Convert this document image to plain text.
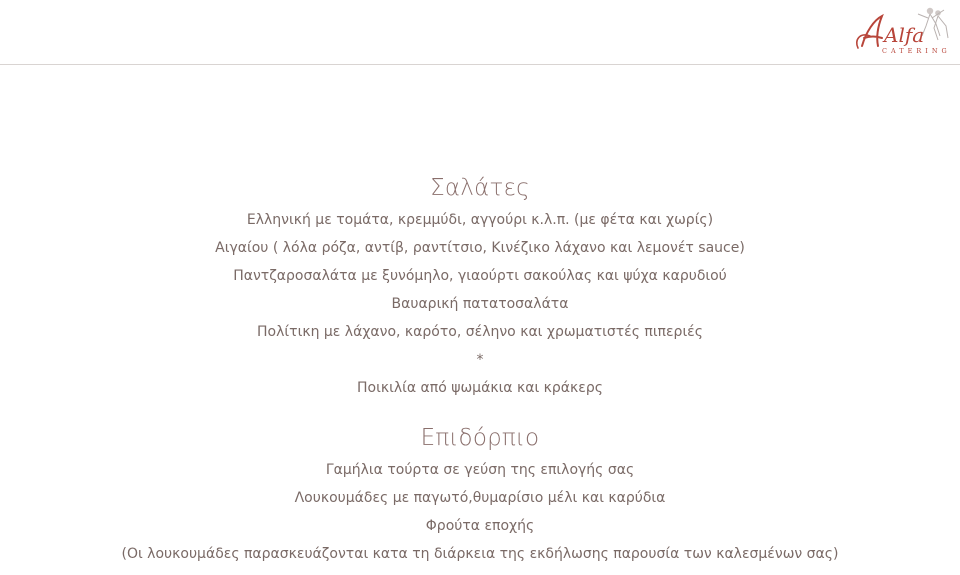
Alfa
CATERING
Σαλάτες

Ελληνική με τομάτα, κρεμμύδι, αγγούρι κ.λ.π. (με φέτα και χωρίς)

Αιγαίου ( λόλα ρόζα, αντίβ, ραντίτσιο, Κινέζικο λάχανο και λεμονέτ sauce)

Παντζαροσαλάτα με ξυνόμηλο, γιαούρτι σακούλας και ψύχα καρυδιού

Βαυαρική πατατοσαλάτα

Πολίτικη με λάχανο, καρότο, σέληνο και χρωματιστές πιπεριές

*

Ποικιλία από ψωμάκια και κράκερς

Επιδόρπιο

Γαμήλια τούρτα σε γεύση της επιλογής σας

Λουκουμάδες με παγωτό,θυμαρίσιο μέλι και καρύδια

Φρούτα εποχής

(Οι λουκουμάδες παρασκευάζονται κατα τη διάρκεια της εκδήλωσης παρουσία των καλεσμένων σας)
